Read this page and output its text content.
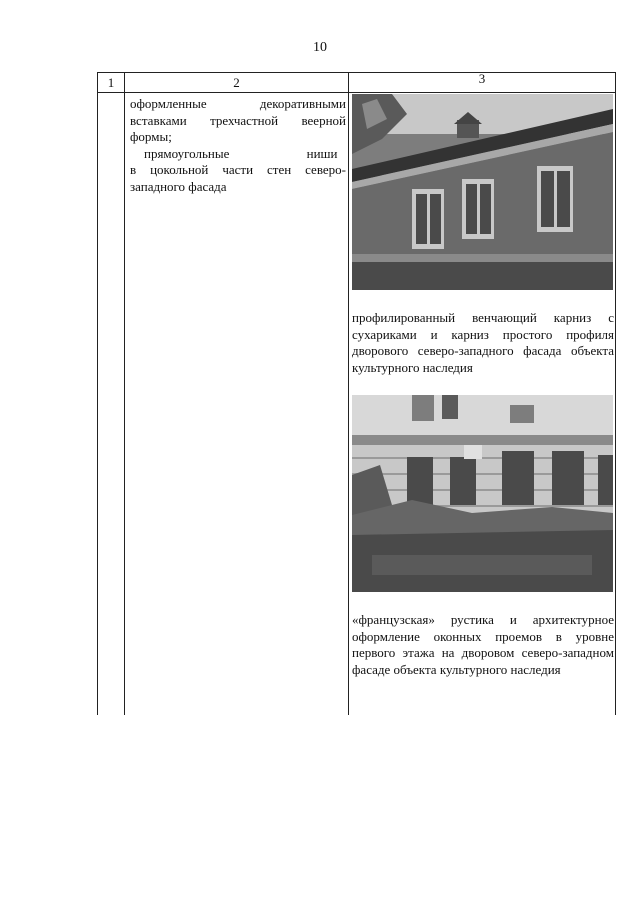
10
1	2	3
оформленные декоративными
вставками трехчастной веерной
формы;
прямоугольные ниши
в цокольной части стен северо-
западного фасада
профилированный венчающий карниз с сухариками и карниз простого профиля дворового северо-западного фасада объекта культурного наследия
«французская» рустика и архитектурное оформление оконных проемов в уровне первого этажа на дворовом северо-западном фасаде объекта культурного наследия
